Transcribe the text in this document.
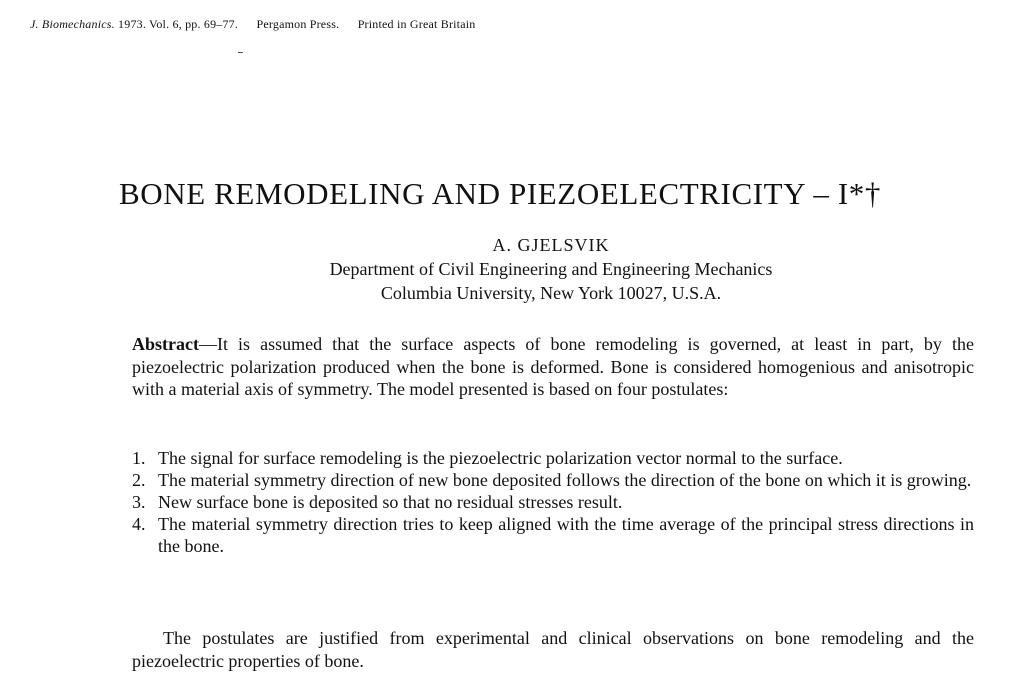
J. Biomechanics. 1973. Vol. 6, pp. 69–77. Pergamon Press. Printed in Great Britain
BONE REMODELING AND PIEZOELECTRICITY – I*†
A. GJELSVIK
Department of Civil Engineering and Engineering Mechanics
Columbia University, New York 10027, U.S.A.
Abstract—It is assumed that the surface aspects of bone remodeling is governed, at least in part, by the piezoelectric polarization produced when the bone is deformed. Bone is considered homogenious and anisotropic with a material axis of symmetry. The model presented is based on four postulates:
1. The signal for surface remodeling is the piezoelectric polarization vector normal to the surface.
2. The material symmetry direction of new bone deposited follows the direction of the bone on which it is growing.
3. New surface bone is deposited so that no residual stresses result.
4. The material symmetry direction tries to keep aligned with the time average of the principal stress directions in the bone.
The postulates are justified from experimental and clinical observations on bone remodeling and the piezoelectric properties of bone.
